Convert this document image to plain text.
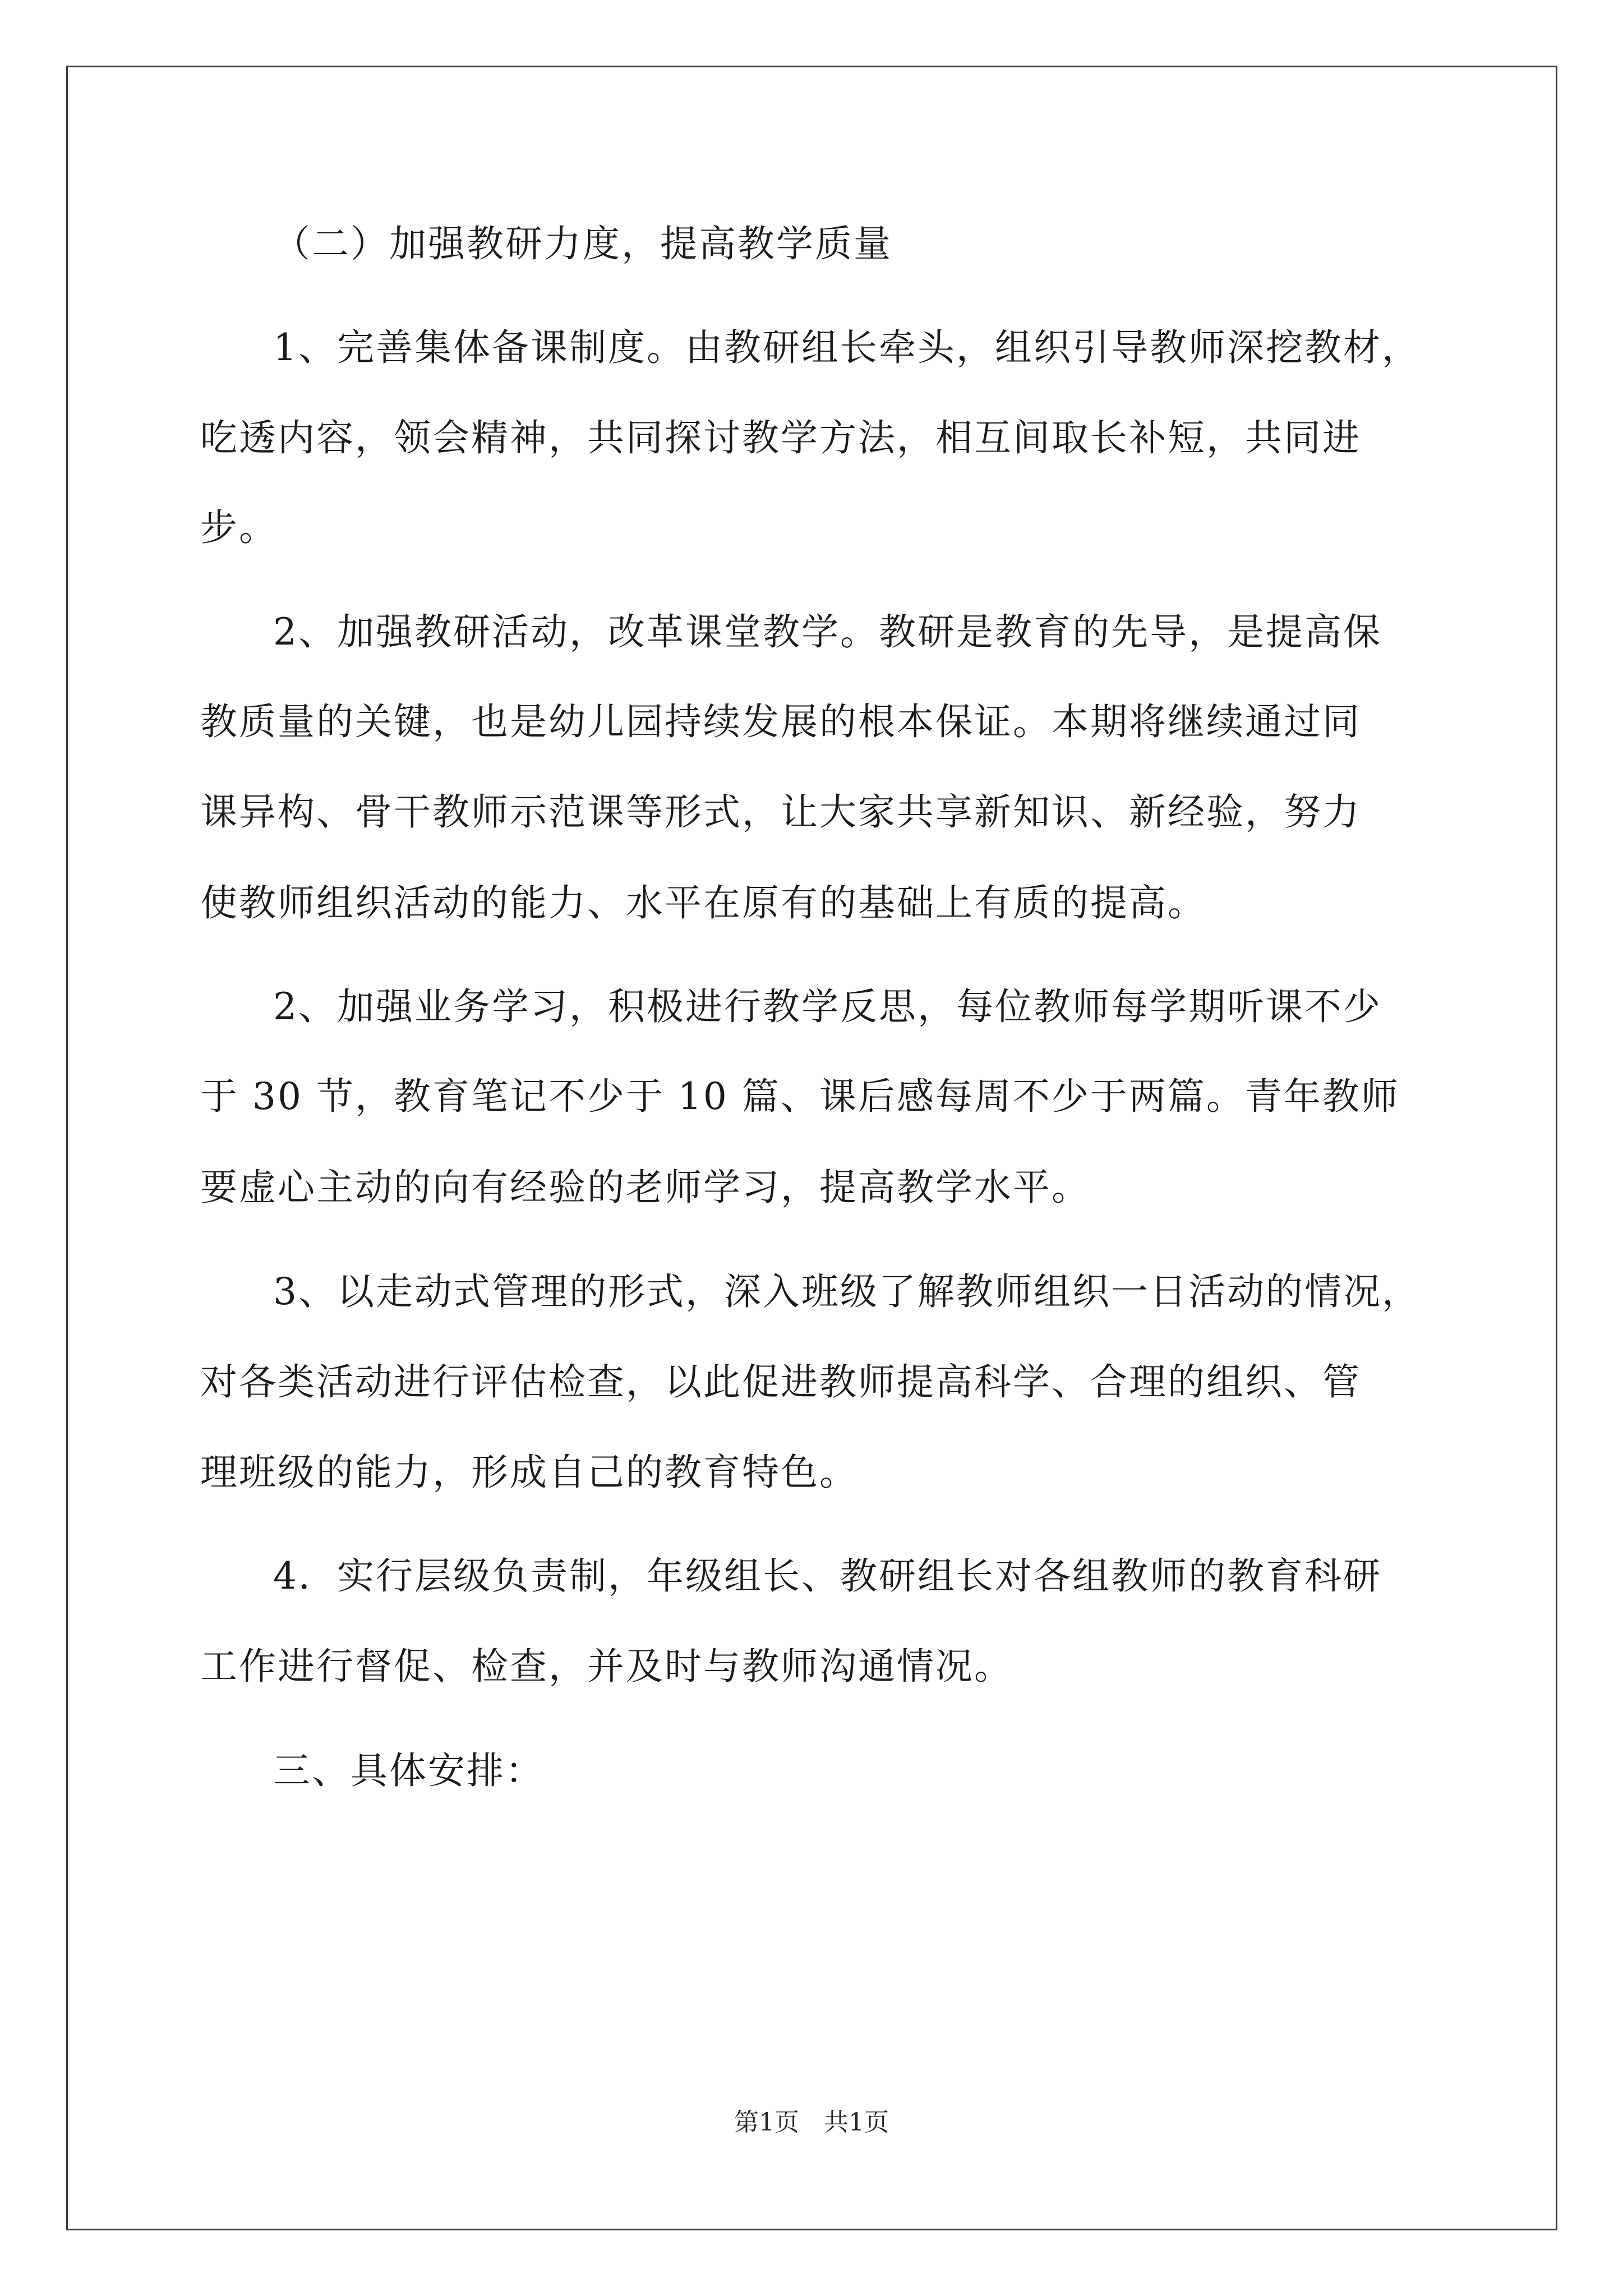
（二）加强教研力度，提高教学质量
1、完善集体备课制度。由教研组长牵头，组织引导教师深挖教材，
吃透内容，领会精神，共同探讨教学方法，相互间取长补短，共同进
步。
2、加强教研活动，改革课堂教学。教研是教育的先导，是提高保
教质量的关键，也是幼儿园持续发展的根本保证。本期将继续通过同
课异构、骨干教师示范课等形式，让大家共享新知识、新经验，努力
使教师组织活动的能力、水平在原有的基础上有质的提高。
2、加强业务学习，积极进行教学反思，每位教师每学期听课不少
于 30 节，教育笔记不少于 10 篇、课后感每周不少于两篇。青年教师
要虚心主动的向有经验的老师学习，提高教学水平。
3、以走动式管理的形式，深入班级了解教师组织一日活动的情况，
对各类活动进行评估检查，以此促进教师提高科学、合理的组织、管
理班级的能力，形成自己的教育特色。
4．实行层级负责制，年级组长、教研组长对各组教师的教育科研
工作进行督促、检查，并及时与教师沟通情况。
三、具体安排：
第1页　共1页
